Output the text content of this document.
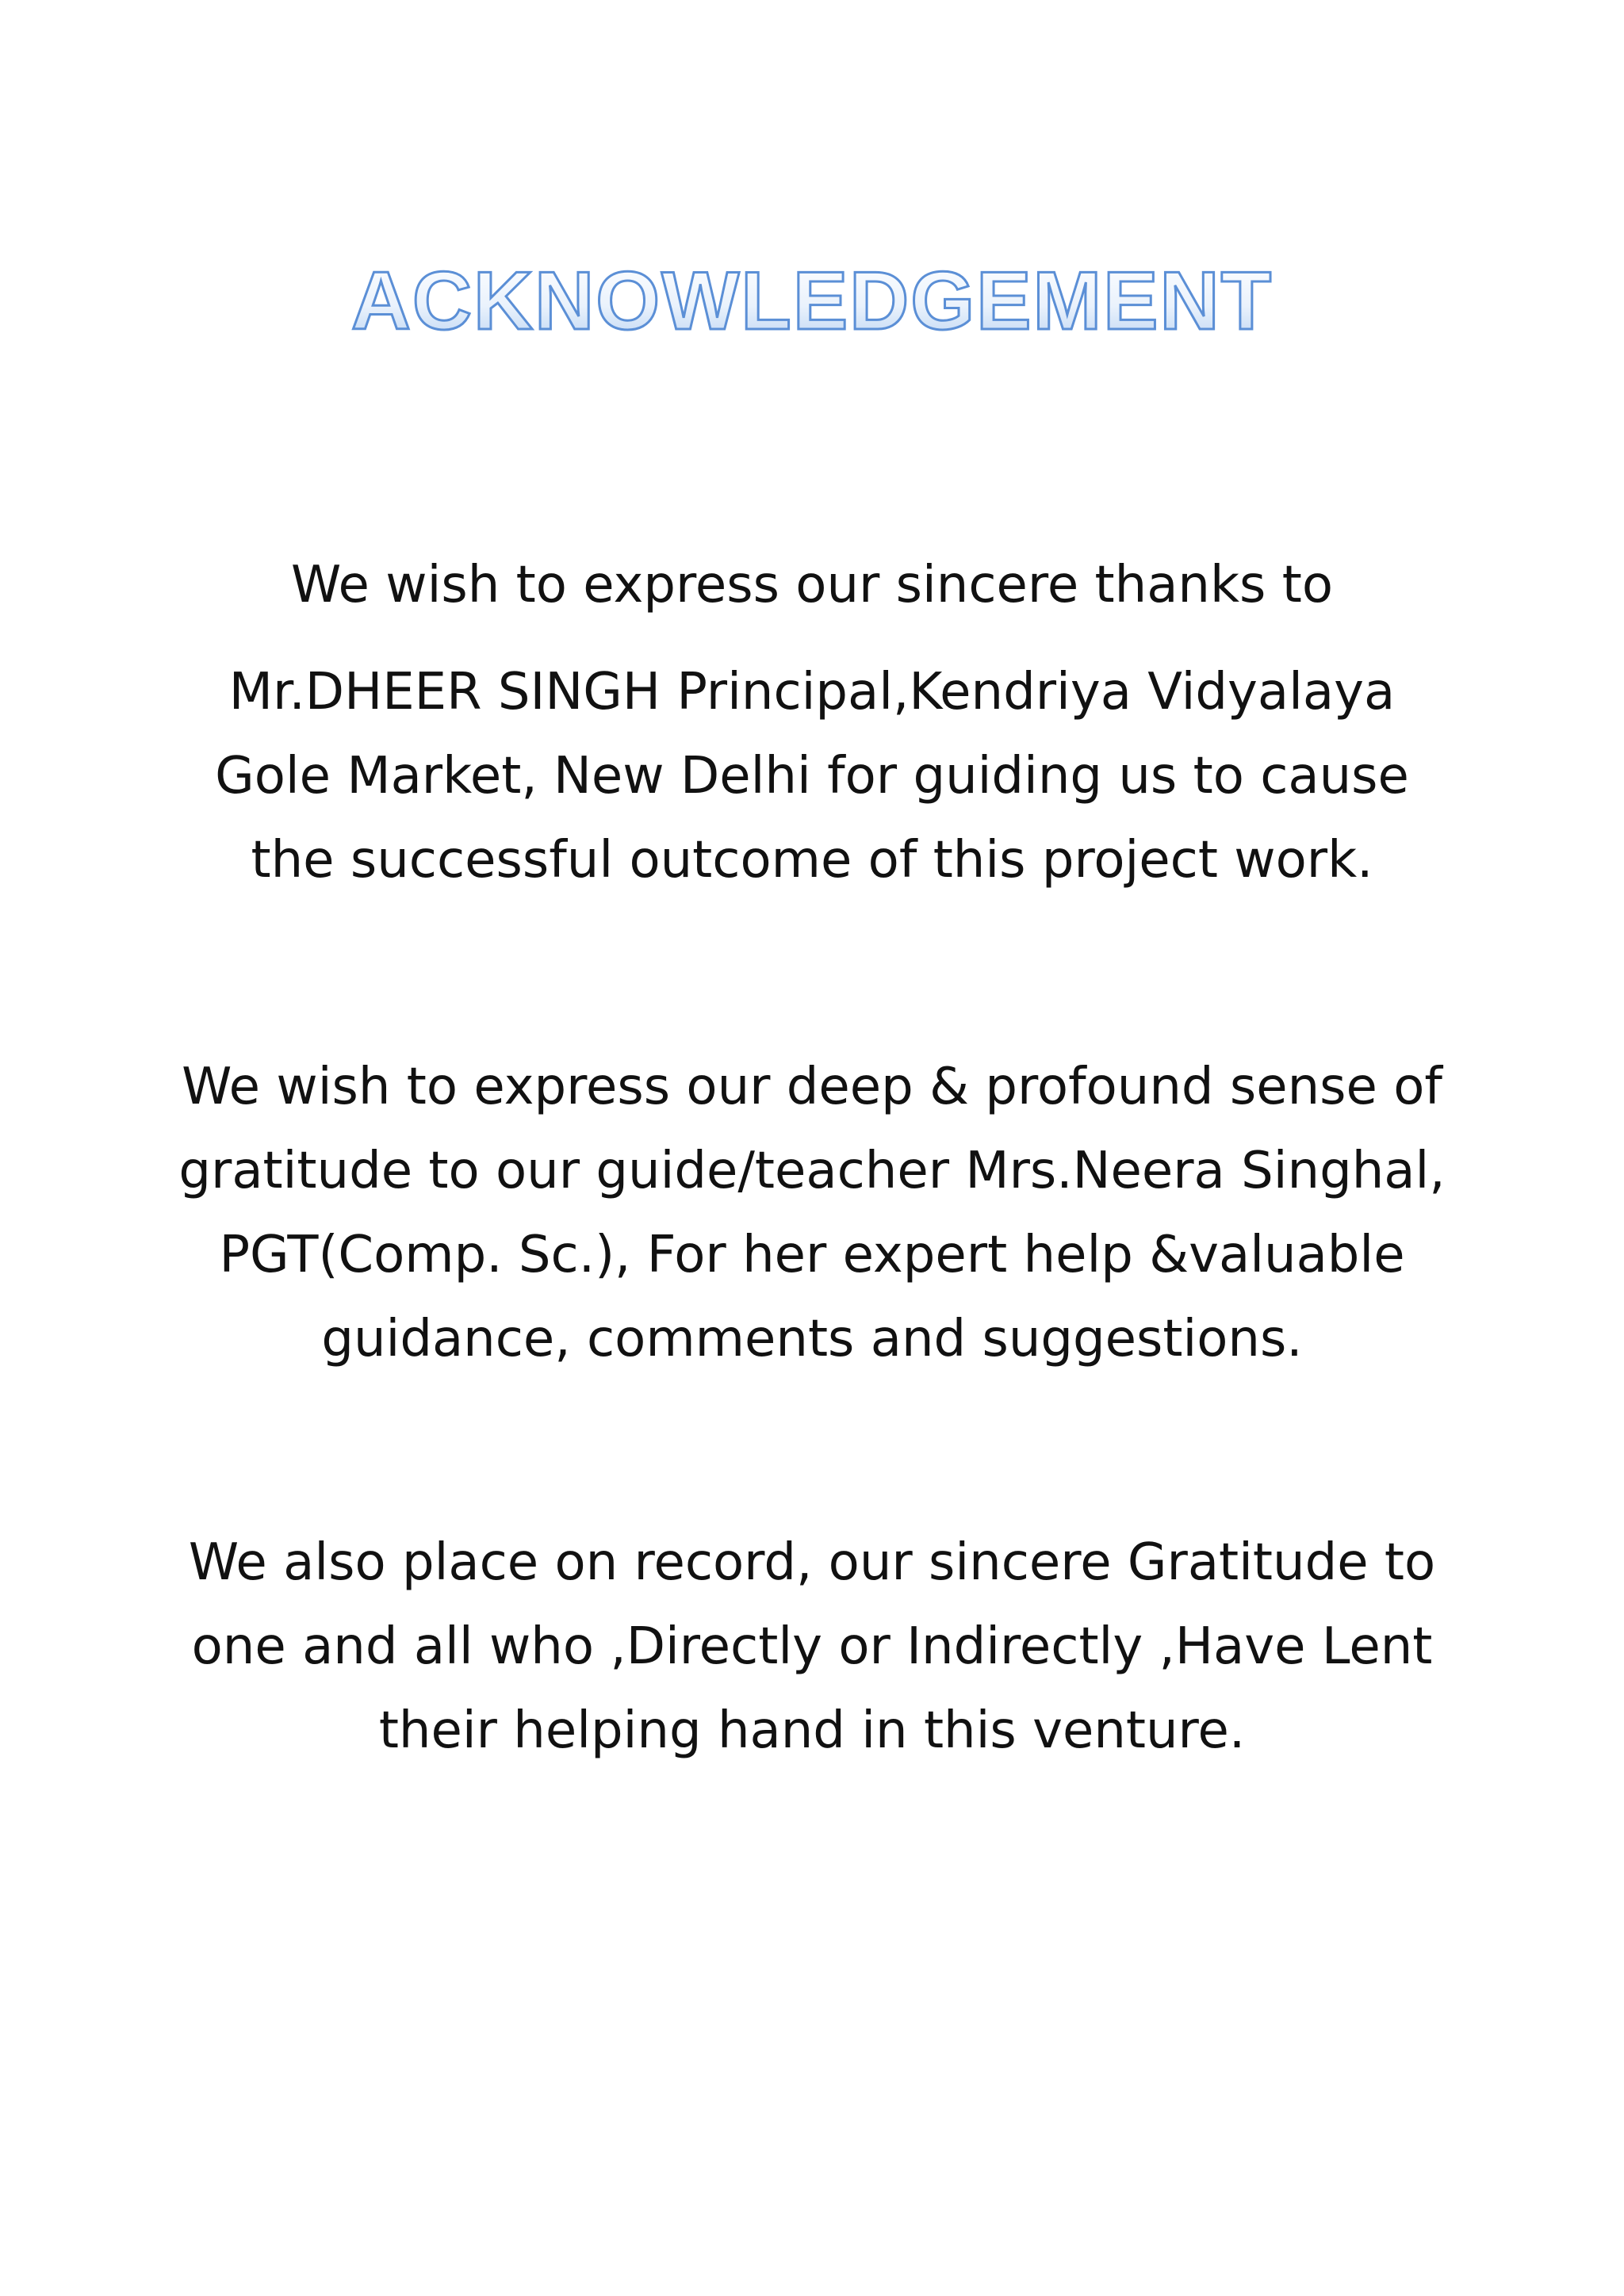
ACKNOWLEDGEMENT
We wish to express our sincere thanks to
Mr.DHEER SINGH Principal,Kendriya Vidyalaya
Gole Market, New Delhi for guiding us to cause
the successful outcome of this project work.
We wish to express our deep & profound sense of
gratitude to our guide/teacher Mrs.Neera Singhal,
PGT(Comp. Sc.), For her expert help &valuable
guidance, comments and suggestions.
We also place on record, our sincere Gratitude to
one and all who ,Directly or Indirectly ,Have Lent
their helping hand in this venture.
